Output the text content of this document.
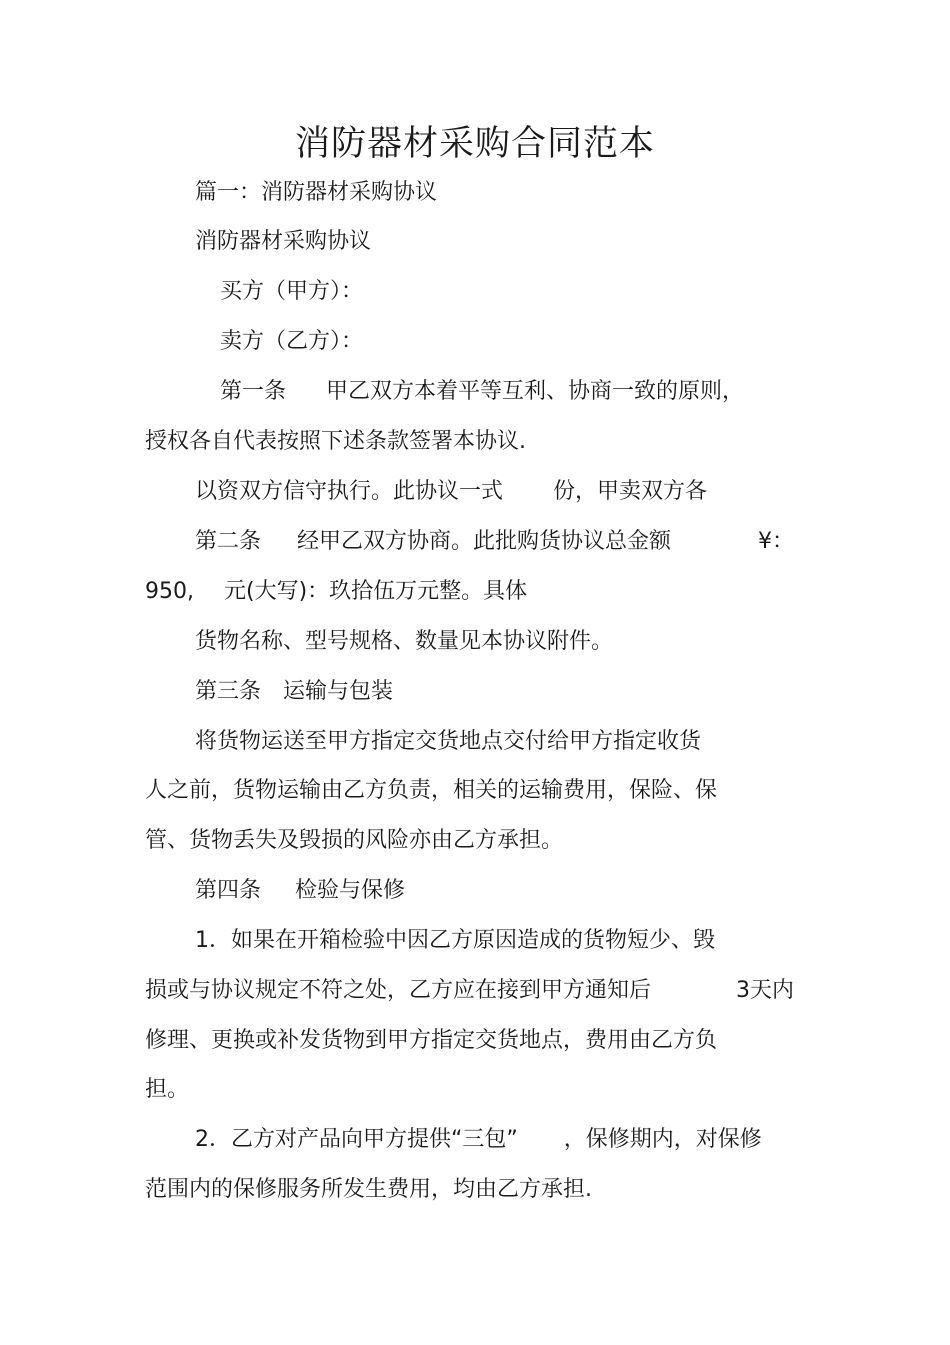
消防器材采购合同范本
篇一：消防器材采购协议
消防器材采购协议
买方（甲方）：
卖方（乙方）：
第一条 甲乙双方本着平等互利、协商一致的原则，
授权各自代表按照下述条款签署本协议.
以资双方信守执行。此协议一式 份，甲卖双方各
第二条 经甲乙双方协商。此批购货协议总金额	¥：
950, 元(大写)：玖拾伍万元整。具体
货物名称、型号规格、数量见本协议附件。
第三条　运输与包装
将货物运送至甲方指定交货地点交付给甲方指定收货
人之前，货物运输由乙方负责，相关的运输费用，保险、保
管、货物丢失及毁损的风险亦由乙方承担。
第四条 检验与保修
1．如果在开箱检验中因乙方原因造成的货物短少、毁
损或与协议规定不符之处，乙方应在接到甲方通知后	3天内
修理、更换或补发货物到甲方指定交货地点，费用由乙方负
担。
2．乙方对产品向甲方提供“三包” ，保修期内，对保修
范围内的保修服务所发生费用，均由乙方承担.
